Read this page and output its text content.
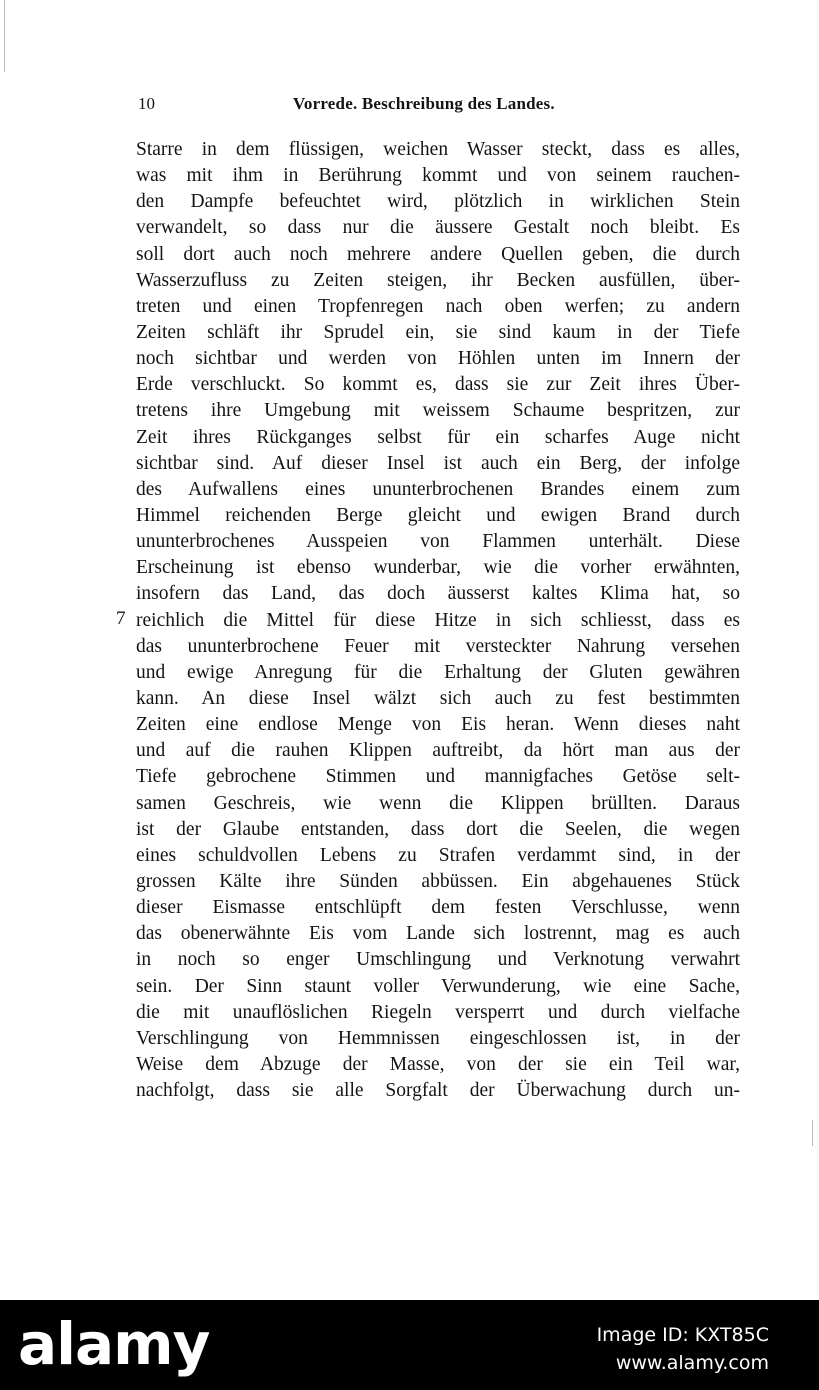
10	Vorrede. Beschreibung des Landes.
7
Starre in dem flüssigen, weichen Wasser steckt, dass es alles,
was mit ihm in Berührung kommt und von seinem rauchen-
den Dampfe befeuchtet wird, plötzlich in wirklichen Stein
verwandelt, so dass nur die äussere Gestalt noch bleibt. Es
soll dort auch noch mehrere andere Quellen geben, die durch
Wasserzufluss zu Zeiten steigen, ihr Becken ausfüllen, über-
treten und einen Tropfenregen nach oben werfen; zu andern
Zeiten schläft ihr Sprudel ein, sie sind kaum in der Tiefe
noch sichtbar und werden von Höhlen unten im Innern der
Erde verschluckt. So kommt es, dass sie zur Zeit ihres Über-
tretens ihre Umgebung mit weissem Schaume bespritzen, zur
Zeit ihres Rückganges selbst für ein scharfes Auge nicht
sichtbar sind. Auf dieser Insel ist auch ein Berg, der infolge
des Aufwallens eines ununterbrochenen Brandes einem zum
Himmel reichenden Berge gleicht und ewigen Brand durch
ununterbrochenes Ausspeien von Flammen unterhält. Diese
Erscheinung ist ebenso wunderbar, wie die vorher erwähnten,
insofern das Land, das doch äusserst kaltes Klima hat, so
reichlich die Mittel für diese Hitze in sich schliesst, dass es
das ununterbrochene Feuer mit versteckter Nahrung versehen
und ewige Anregung für die Erhaltung der Gluten gewähren
kann. An diese Insel wälzt sich auch zu fest bestimmten
Zeiten eine endlose Menge von Eis heran. Wenn dieses naht
und auf die rauhen Klippen auftreibt, da hört man aus der
Tiefe gebrochene Stimmen und mannigfaches Getöse selt-
samen Geschreis, wie wenn die Klippen brüllten. Daraus
ist der Glaube entstanden, dass dort die Seelen, die wegen
eines schuldvollen Lebens zu Strafen verdammt sind, in der
grossen Kälte ihre Sünden abbüssen. Ein abgehauenes Stück
dieser Eismasse entschlüpft dem festen Verschlusse, wenn
das obenerwähnte Eis vom Lande sich lostrennt, mag es auch
in noch so enger Umschlingung und Verknotung verwahrt
sein. Der Sinn staunt voller Verwunderung, wie eine Sache,
die mit unauflöslichen Riegeln versperrt und durch vielfache
Verschlingung von Hemmnissen eingeschlossen ist, in der
Weise dem Abzuge der Masse, von der sie ein Teil war,
nachfolgt, dass sie alle Sorgfalt der Überwachung durch un-
alamy	Image ID: KXT85C
www.alamy.com
